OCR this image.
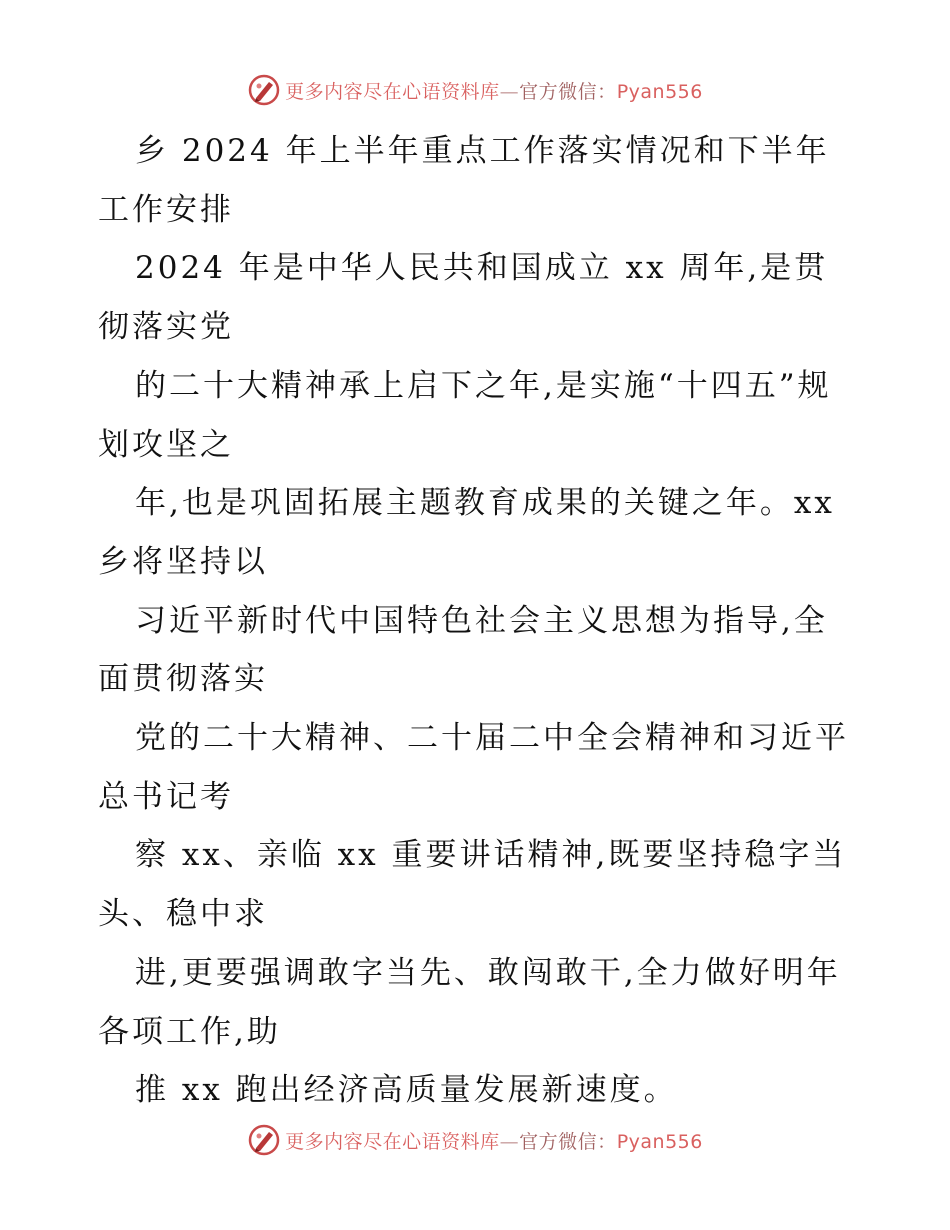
更多内容尽在心语资料库—官方微信：Pyan556

乡 2024 年上半年重点工作落实情况和下半年工作安排

2024 年是中华人民共和国成立 xx 周年,是贯彻落实党

的二十大精神承上启下之年,是实施“十四五”规划攻坚之

年,也是巩固拓展主题教育成果的关键之年。xx 乡将坚持以

习近平新时代中国特色社会主义思想为指导,全面贯彻落实

党的二十大精神、二十届二中全会精神和习近平总书记考

察 xx、亲临 xx 重要讲话精神,既要坚持稳字当头、稳中求

进,更要强调敢字当先、敢闯敢干,全力做好明年各项工作,助

推 xx 跑出经济高质量发展新速度。

更多内容尽在心语资料库—官方微信：Pyan556
